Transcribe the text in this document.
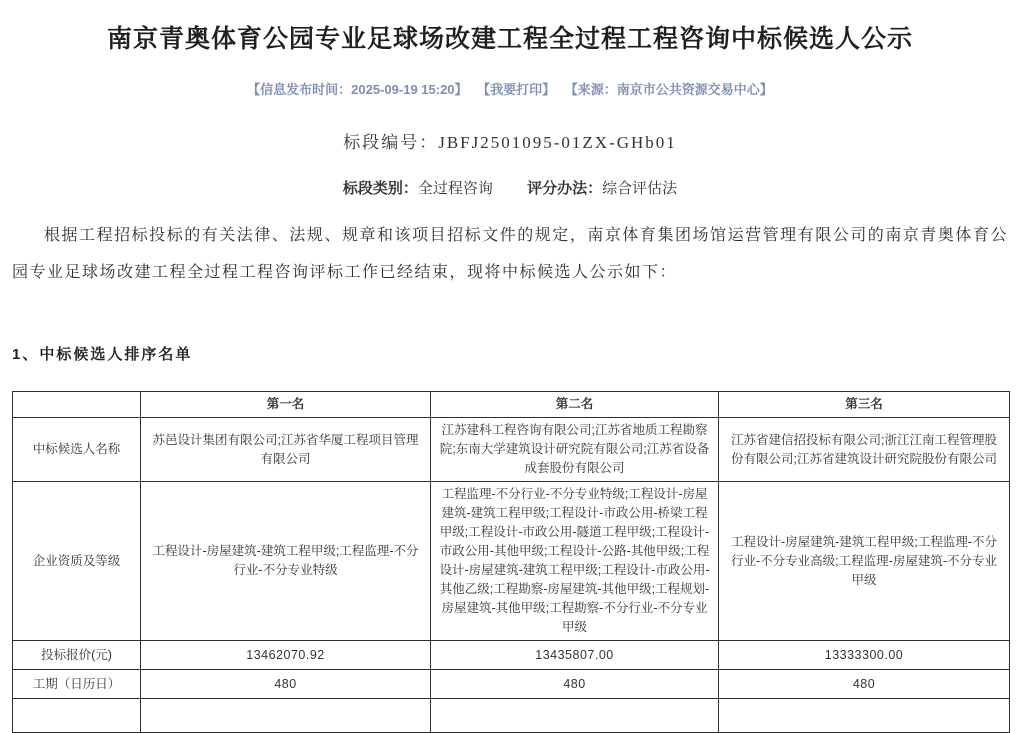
南京青奥体育公园专业足球场改建工程全过程工程咨询中标候选人公示
【信息发布时间：2025-09-19 15:20】 【我要打印】 【来源：南京市公共资源交易中心】
标段编号：JBFJ2501095-01ZX-GHb01
标段类别：全过程咨询 评分办法：综合评估法

根据工程招标投标的有关法律、法规、规章和该项目招标文件的规定，南京体育集团场馆运营管理有限公司的南京青奥体育公园专业足球场改建工程全过程工程咨询评标工作已经结束，现将中标候选人公示如下：

1、中标候选人排序名单
	第一名	第二名	第三名
中标候选人名称	苏邑设计集团有限公司;江苏省华厦工程项目管理有限公司	江苏建科工程咨询有限公司;江苏省地质工程勘察院;东南大学建筑设计研究院有限公司;江苏省设备成套股份有限公司	江苏省建信招投标有限公司;浙江江南工程管理股份有限公司;江苏省建筑设计研究院股份有限公司
企业资质及等级	工程设计-房屋建筑-建筑工程甲级;工程监理-不分行业-不分专业特级	工程监理-不分行业-不分专业特级;工程设计-房屋建筑-建筑工程甲级;工程设计-市政公用-桥梁工程甲级;工程设计-市政公用-隧道工程甲级;工程设计-市政公用-其他甲级;工程设计-公路-其他甲级;工程设计-房屋建筑-建筑工程甲级;工程设计-市政公用-其他乙级;工程勘察-房屋建筑-其他甲级;工程规划-房屋建筑-其他甲级;工程勘察-不分行业-不分专业甲级	工程设计-房屋建筑-建筑工程甲级;工程监理-不分行业-不分专业高级;工程监理-房屋建筑-不分专业甲级
投标报价(元)	13462070.92	13435807.00	13333300.00
工期（日历日）	480	480	480
